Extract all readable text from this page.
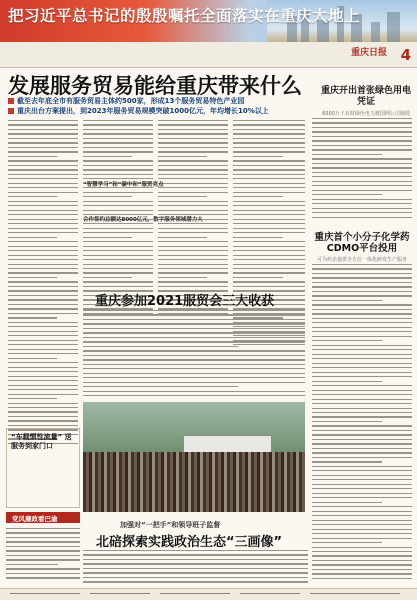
把习近平总书记的殷殷嘱托全面落实在重庆大地上
重庆日报 4
发展服务贸易能给重庆带来什么
截至去年底全市有服务贸易主体约500家，形成13个服务贸易特色产业园
重庆出台方案提出，到2023年服务贸易规模突破1000亿元，年均增长10%以上
“智慧学习”和“碳中和”服贸亮点
合作签约总额达8000亿元，数字服务领域潜力大
“车载惯性流量” 送服务到家门口
重庆参加2021服贸会三大收获
重庆开出首张绿色用电凭证
6000万千瓦时绿色电力被国网公司颁授
重庆首个小分子化学药CDMO平台投用
可为药企提供全方位一体化研发生产服务
党风廉政看巴渝
加强对“一把手”和领导班子监督
北碚探索实践政治生态“三画像”
